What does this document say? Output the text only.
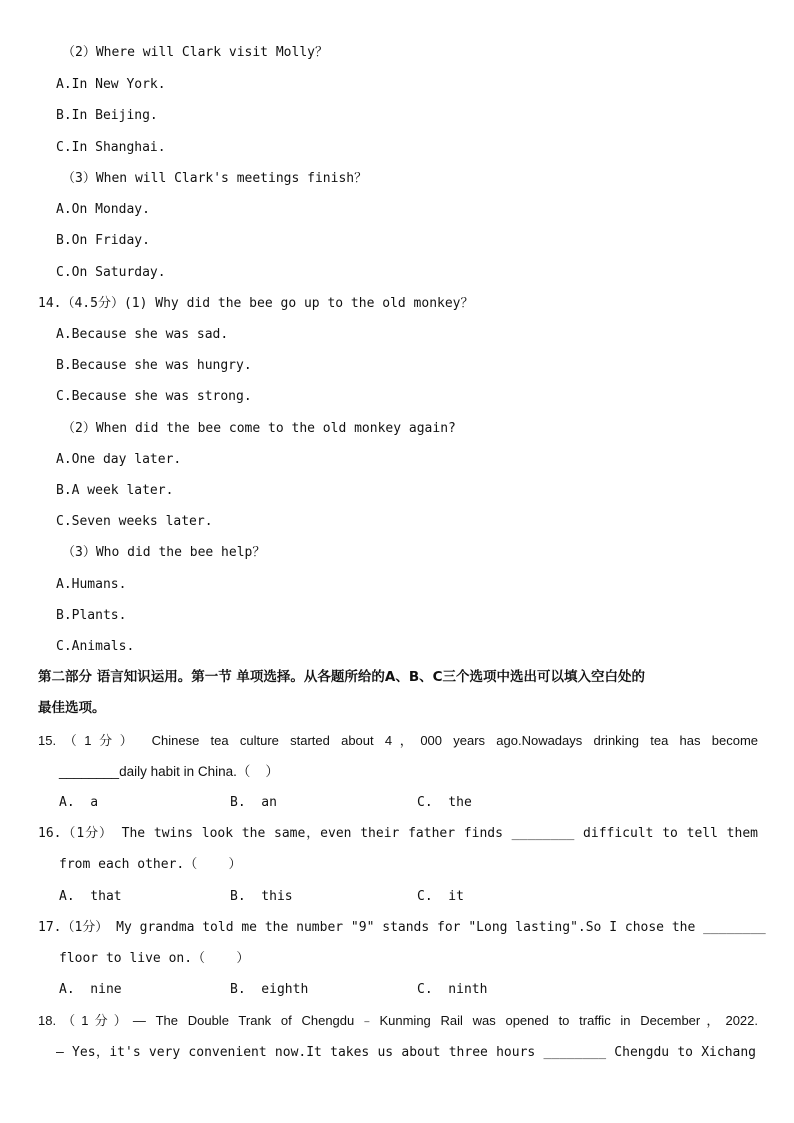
（2）Where will Clark visit Molly？
A.In New York.
B.In Beijing.
C.In Shanghai.
（3）When will Clark's meetings finish？
A.On Monday.
B.On Friday.
C.On Saturday.
14.（4.5分）(1) Why did the bee go up to the old monkey？
A.Because she was sad.
B.Because she was hungry.
C.Because she was strong.
（2）When did the bee come to the old monkey again?
A.One day later.
B.A week later.
C.Seven weeks later.
（3）Who did the bee help？
A.Humans.
B.Plants.
C.Animals.
第二部分 语言知识运用。第一节 单项选择。从各题所给的A、B、C三个选项中选出可以填入空白处的
最佳选项。
15.（1分） Chinese tea culture started about 4，000 years ago.Nowadays drinking tea has become
________daily habit in China.（    ）
A.  a	B.  an	C.  the
16.（1分） The twins look the same，even their father finds ________ difficult to tell them
from each other.（    ）
A.  that	B.  this	C.  it
17.（1分） My grandma told me the number "9" stands for "Long lasting".So I chose the ________
floor to live on.（    ）
A.  nine	B.  eighth	C.  ninth
18.（1分）— The Double Trank of Chengdu﹣Kunming Rail was opened to traffic in December，2022.
— Yes，it's very convenient now.It takes us about three hours ________ Chengdu to Xichang
